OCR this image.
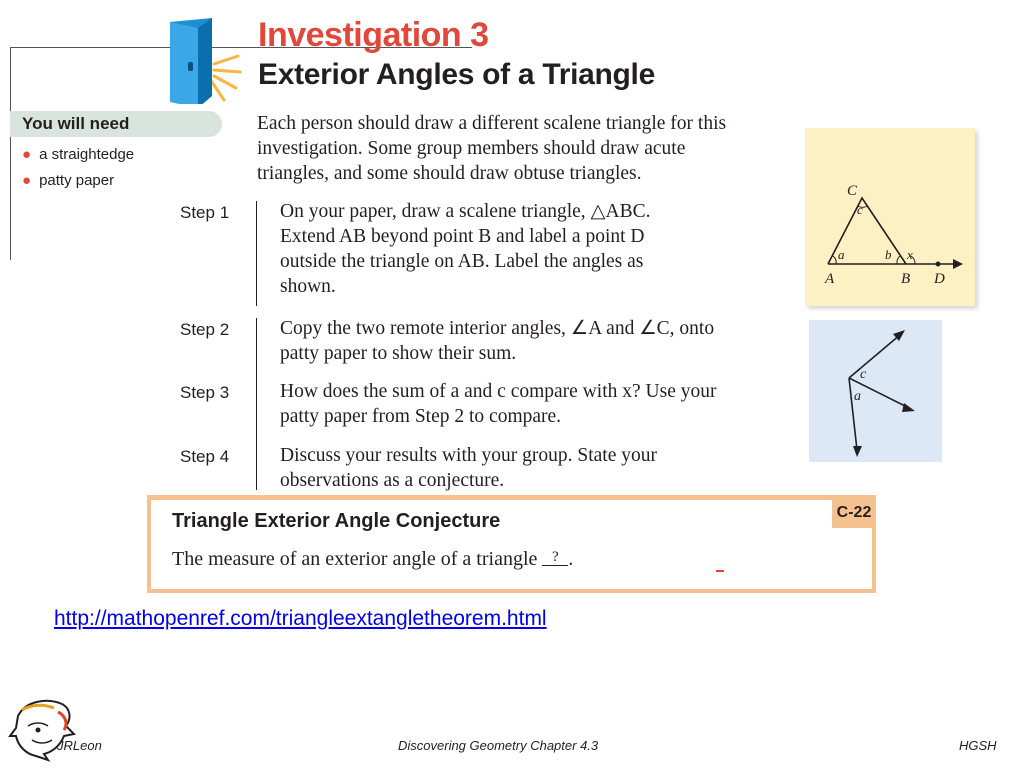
Investigation 3
Exterior Angles of a Triangle
You will need
● a straightedge
● patty paper
Each person should draw a different scalene triangle for this investigation. Some group members should draw acute triangles, and some should draw obtuse triangles.
Step 1	On your paper, draw a scalene triangle, △ABC.
Extend AB beyond point B and label a point D
outside the triangle on AB. Label the angles as
shown.
Step 2	Copy the two remote interior angles, ∠A and ∠C, onto
patty paper to show their sum.
Step 3	How does the sum of a and c compare with x? Use your
patty paper from Step 2 to compare.
Step 4	Discuss your results with your group. State your
observations as a conjecture.
C
c
a	b x
A	B D
c
a
Triangle Exterior Angle Conjecture
The measure of an exterior angle of a triangle ? .
C-22
http://mathopenref.com/triangleextangletheorem.html
JRLeon	Discovering Geometry Chapter 4.3	HGSH
